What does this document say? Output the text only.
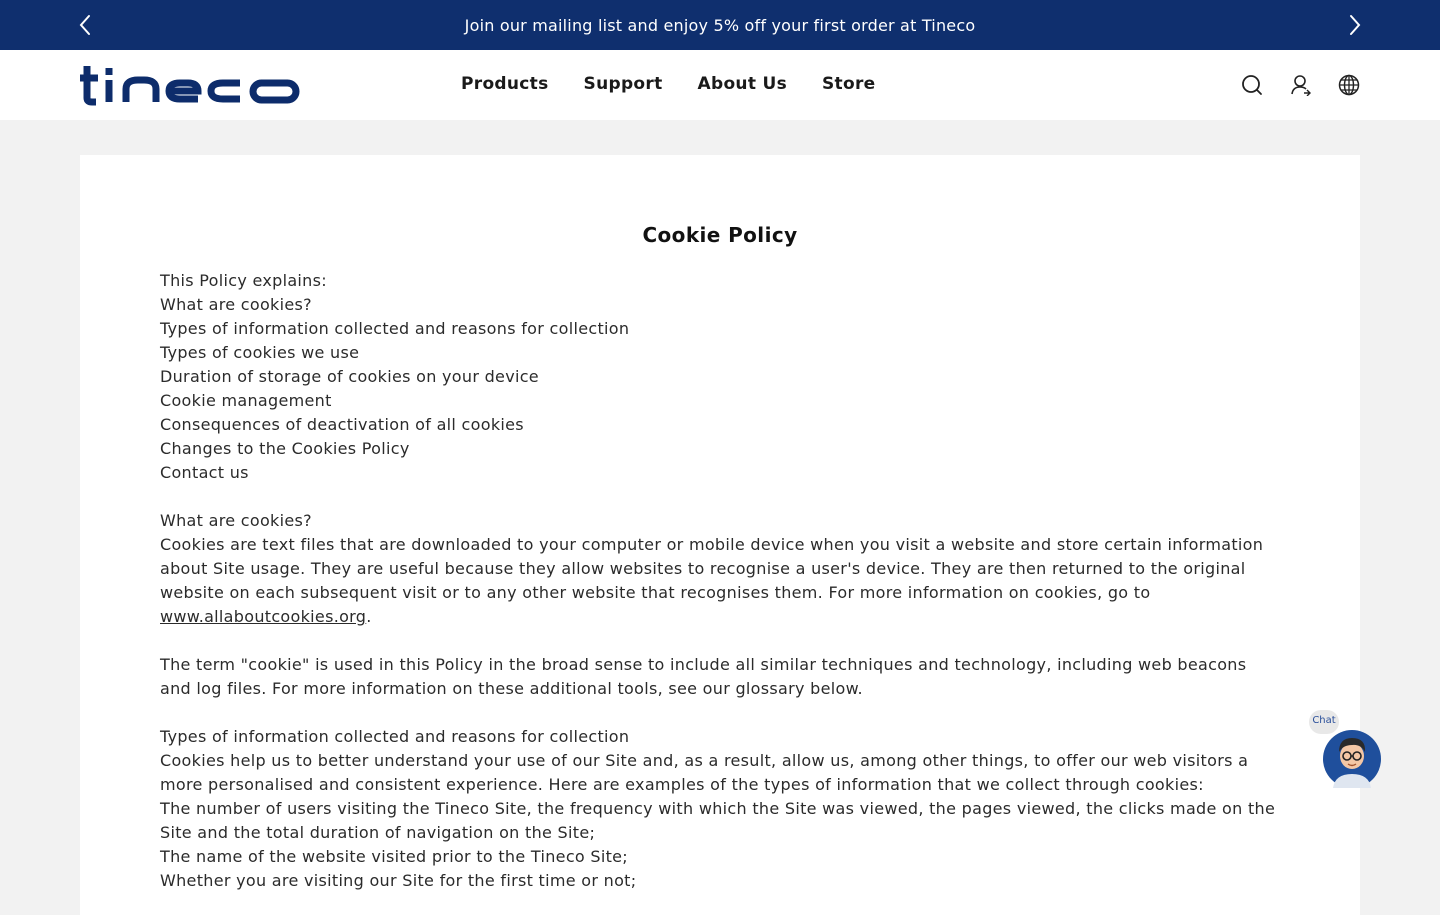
Join our mailing list and enjoy 5% off your first order at Tineco
Products Support About Us Store
Cookie Policy

This Policy explains:

What are cookies?

Types of information collected and reasons for collection

Types of cookies we use

Duration of storage of cookies on your device

Cookie management

Consequences of deactivation of all cookies

Changes to the Cookies Policy

Contact us

What are cookies?

Cookies are text files that are downloaded to your computer or mobile device when you visit a website and store certain information about Site usage. They are useful because they allow websites to recognise a user's device. They are then returned to the original website on each subsequent visit or to any other website that recognises them. For more information on cookies, go to www.allaboutcookies.org.

The term "cookie" is used in this Policy in the broad sense to include all similar techniques and technology, including web beacons and log files. For more information on these additional tools, see our glossary below.

Types of information collected and reasons for collection

Cookies help us to better understand your use of our Site and, as a result, allow us, among other things, to offer our web visitors a more personalised and consistent experience. Here are examples of the types of information that we collect through cookies:

The number of users visiting the Tineco Site, the frequency with which the Site was viewed, the pages viewed, the clicks made on the Site and the total duration of navigation on the Site;

The name of the website visited prior to the Tineco Site;

Whether you are visiting our Site for the first time or not;

Chat
